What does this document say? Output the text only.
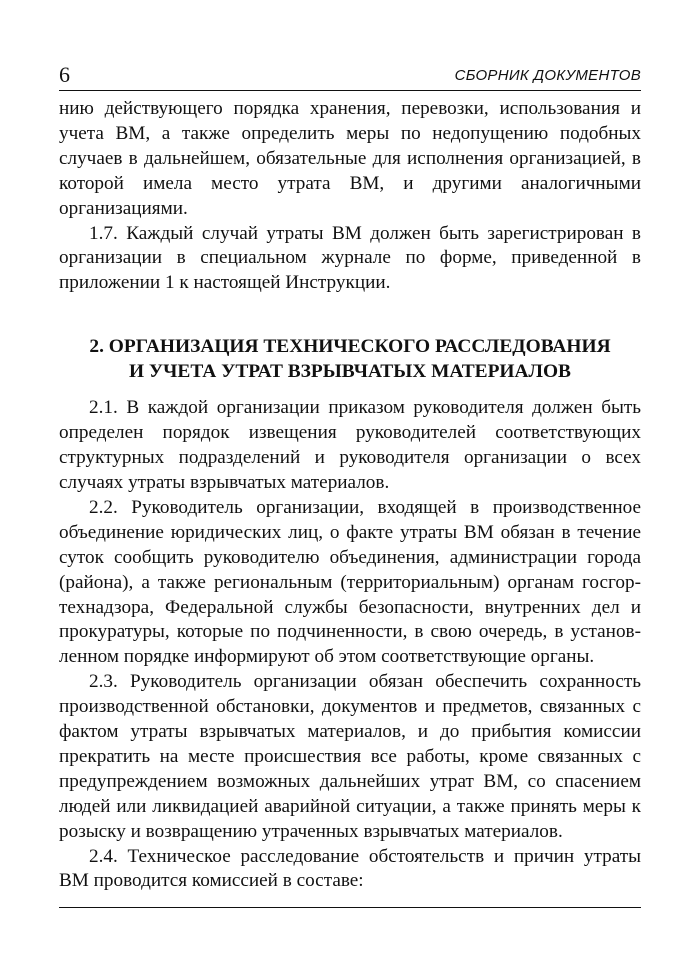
6	СБОРНИК ДОКУМЕНТОВ

нию действующего порядка хранения, перевозки, использования и учета ВМ, а также определить меры по недопущению подобных случаев в дальнейшем, обязательные для исполнения организацией, в которой имела место утрата ВМ, и другими аналогичными организациями.

1.7. Каждый случай утраты ВМ должен быть зарегистрирован в организации в специальном журнале по форме, приведенной в приложении 1 к настоящей Инструкции.

2. ОРГАНИЗАЦИЯ ТЕХНИЧЕСКОГО РАССЛЕДОВАНИЯ
И УЧЕТА УТРАТ ВЗРЫВЧАТЫХ МАТЕРИАЛОВ

2.1. В каждой организации приказом руководителя должен быть определен порядок извещения руководителей соответствующих структурных подразделений и руководителя организации о всех случаях утраты взрывчатых материалов.

2.2. Руководитель организации, входящей в производственное объединение юридических лиц, о факте утраты ВМ обязан в течение суток сообщить руководителю объединения, администрации города (района), а также региональным (территориальным) органам госгортехнадзора, Федеральной службы безопасности, внутренних дел и прокуратуры, которые по подчиненности, в свою очередь, в установленном порядке информируют об этом соответствующие органы.

2.3. Руководитель организации обязан обеспечить сохранность производственной обстановки, документов и предметов, связанных с фактом утраты взрывчатых материалов, и до прибытия комиссии прекратить на месте происшествия все работы, кроме связанных с предупреждением возможных дальнейших утрат ВМ, со спасением людей или ликвидацией аварийной ситуации, а также принять меры к розыску и возвращению утраченных взрывчатых материалов.

2.4. Техническое расследование обстоятельств и причин утраты ВМ проводится комиссией в составе:
